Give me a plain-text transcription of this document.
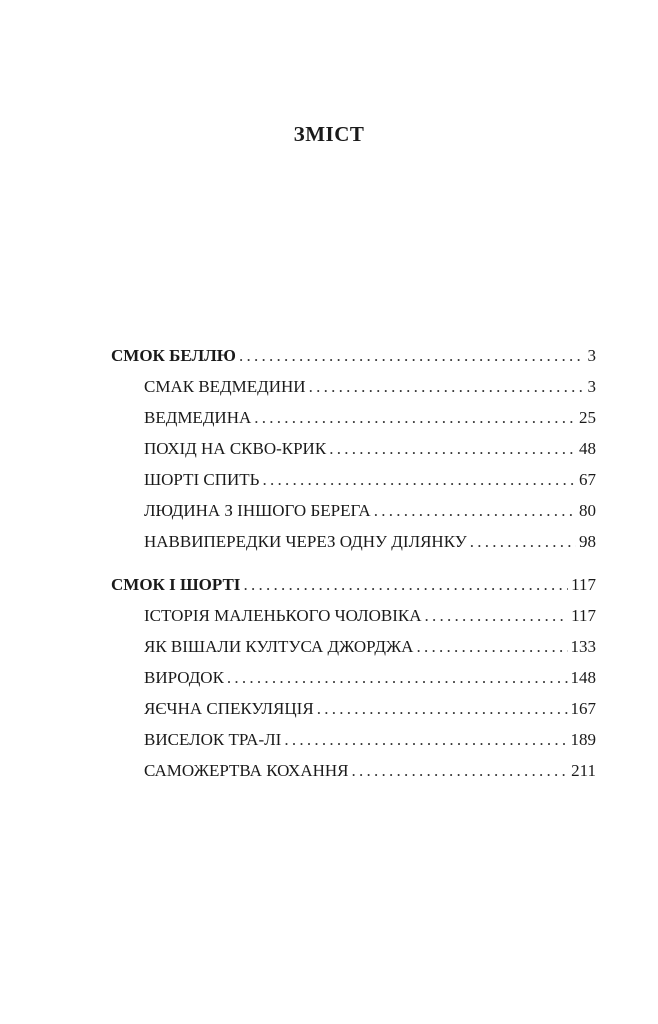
ЗМІСТ
СМОК БЕЛЛЮ . . .	3
СМАК ВЕДМЕДИНИ . . .	3
ВЕДМЕДИНА . . .	25
ПОХІД НА СКВО-КРИК . . .	48
ШОРТІ СПИТЬ . . .	67
ЛЮДИНА З ІНШОГО БЕРЕГА . . .	80
НАВВИПЕРЕДКИ ЧЕРЕЗ ОДНУ ДІЛЯНКУ . . .	98
СМОК І ШОРТІ . . .	117
ІСТОРІЯ МАЛЕНЬКОГО ЧОЛОВІКА . . .	117
ЯК ВІШАЛИ КУЛТУСА ДЖОРДЖА . . .	133
ВИРОДОК . . .	148
ЯЄЧНА СПЕКУЛЯЦІЯ . . .	167
ВИСЕЛОК ТРА-ЛІ . . .	189
САМОЖЕРТВА КОХАННЯ . . .	211
